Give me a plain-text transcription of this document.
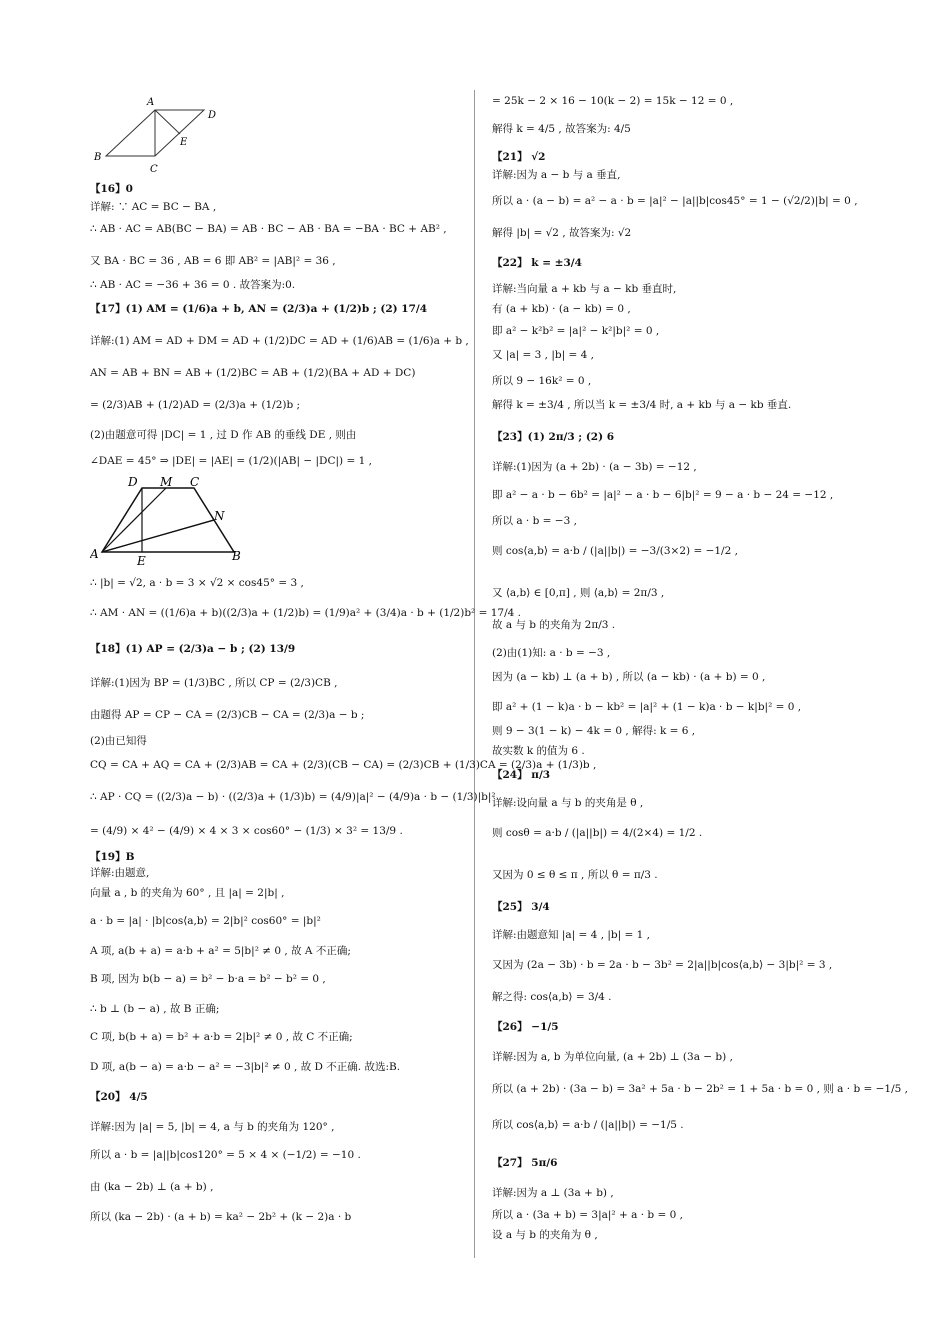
A
D
E
B
C
【16】0
详解: ∵ AC = BC − BA ,
∴ AB · AC = AB(BC − BA) = AB · BC − AB · BA = −BA · BC + AB² ,
又 BA · BC = 36 , AB = 6 即 AB² = |AB|² = 36 ,
∴ AB · AC = −36 + 36 = 0 . 故答案为:0.
【17】(1) AM = (1/6)a + b, AN = (2/3)a + (1/2)b ; (2) 17/4
详解:(1) AM = AD + DM = AD + (1/2)DC = AD + (1/6)AB = (1/6)a + b ,
AN = AB + BN = AB + (1/2)BC = AB + (1/2)(BA + AD + DC)
= (2/3)AB + (1/2)AD = (2/3)a + (1/2)b ;
(2)由题意可得 |DC| = 1 , 过 D 作 AB 的垂线 DE , 则由
∠DAE = 45° ⇒ |DE| = |AE| = (1/2)(|AB| − |DC|) = 1 ,
D M C
N
A	E	B
∴ |b| = √2, a · b = 3 × √2 × cos45° = 3 ,
∴ AM · AN = ((1/6)a + b)((2/3)a + (1/2)b) = (1/9)a² + (3/4)a · b + (1/2)b² = 17/4 .
【18】(1) AP = (2/3)a − b ; (2) 13/9
详解:(1)因为 BP = (1/3)BC , 所以 CP = (2/3)CB ,
由题得 AP = CP − CA = (2/3)CB − CA = (2/3)a − b ;
(2)由已知得
CQ = CA + AQ = CA + (2/3)AB = CA + (2/3)(CB − CA) = (2/3)CB + (1/3)CA = (2/3)a + (1/3)b ,
∴ AP · CQ = ((2/3)a − b) · ((2/3)a + (1/3)b) = (4/9)|a|² − (4/9)a · b − (1/3)|b|²
= (4/9) × 4² − (4/9) × 4 × 3 × cos60° − (1/3) × 3² = 13/9 .
【19】B
详解:由题意,
向量 a , b 的夹角为 60° , 且 |a| = 2|b| ,
a · b = |a| · |b|cos⟨a,b⟩ = 2|b|² cos60° = |b|²
A 项, a(b + a) = a·b + a² = 5|b|² ≠ 0 , 故 A 不正确;
B 项, 因为 b(b − a) = b² − b·a = b² − b² = 0 ,
∴ b ⊥ (b − a) , 故 B 正确;
C 项, b(b + a) = b² + a·b = 2|b|² ≠ 0 , 故 C 不正确;
D 项, a(b − a) = a·b − a² = −3|b|² ≠ 0 , 故 D 不正确. 故选:B.
【20】 4/5
详解:因为 |a| = 5, |b| = 4, a 与 b 的夹角为 120° ,
所以 a · b = |a||b|cos120° = 5 × 4 × (−1/2) = −10 .
由 (ka − 2b) ⊥ (a + b) ,
所以 (ka − 2b) · (a + b) = ka² − 2b² + (k − 2)a · b
= 25k − 2 × 16 − 10(k − 2) = 15k − 12 = 0 ,
解得 k = 4/5 , 故答案为: 4/5
【21】 √2
详解:因为 a − b 与 a 垂直,
所以 a · (a − b) = a² − a · b = |a|² − |a||b|cos45° = 1 − (√2/2)|b| = 0 ,
解得 |b| = √2 , 故答案为: √2
【22】 k = ±3/4
详解:当向量 a + kb 与 a − kb 垂直时,
有 (a + kb) · (a − kb) = 0 ,
即 a² − k²b² = |a|² − k²|b|² = 0 ,
又 |a| = 3 , |b| = 4 ,
所以 9 − 16k² = 0 ,
解得 k = ±3/4 , 所以当 k = ±3/4 时, a + kb 与 a − kb 垂直.
【23】(1) 2π/3 ; (2) 6
详解:(1)因为 (a + 2b) · (a − 3b) = −12 ,
即 a² − a · b − 6b² = |a|² − a · b − 6|b|² = 9 − a · b − 24 = −12 ,
所以 a · b = −3 ,
则 cos⟨a,b⟩ = a·b / (|a||b|) = −3/(3×2) = −1/2 ,
又 ⟨a,b⟩ ∈ [0,π] , 则 ⟨a,b⟩ = 2π/3 ,
故 a 与 b 的夹角为 2π/3 .
(2)由(1)知: a · b = −3 ,
因为 (a − kb) ⊥ (a + b) , 所以 (a − kb) · (a + b) = 0 ,
即 a² + (1 − k)a · b − kb² = |a|² + (1 − k)a · b − k|b|² = 0 ,
则 9 − 3(1 − k) − 4k = 0 , 解得: k = 6 ,
故实数 k 的值为 6 .
【24】 π/3
详解:设向量 a 与 b 的夹角是 θ ,
则 cosθ = a·b / (|a||b|) = 4/(2×4) = 1/2 .
又因为 0 ≤ θ ≤ π , 所以 θ = π/3 .
【25】 3/4
详解:由题意知 |a| = 4 , |b| = 1 ,
又因为 (2a − 3b) · b = 2a · b − 3b² = 2|a||b|cos⟨a,b⟩ − 3|b|² = 3 ,
解之得: cos⟨a,b⟩ = 3/4 .
【26】 −1/5
详解:因为 a, b 为单位向量, (a + 2b) ⊥ (3a − b) ,
所以 (a + 2b) · (3a − b) = 3a² + 5a · b − 2b² = 1 + 5a · b = 0 , 则 a · b = −1/5 ,
所以 cos⟨a,b⟩ = a·b / (|a||b|) = −1/5 .
【27】 5π/6
详解:因为 a ⊥ (3a + b) ,
所以 a · (3a + b) = 3|a|² + a · b = 0 ,
设 a 与 b 的夹角为 θ ,
